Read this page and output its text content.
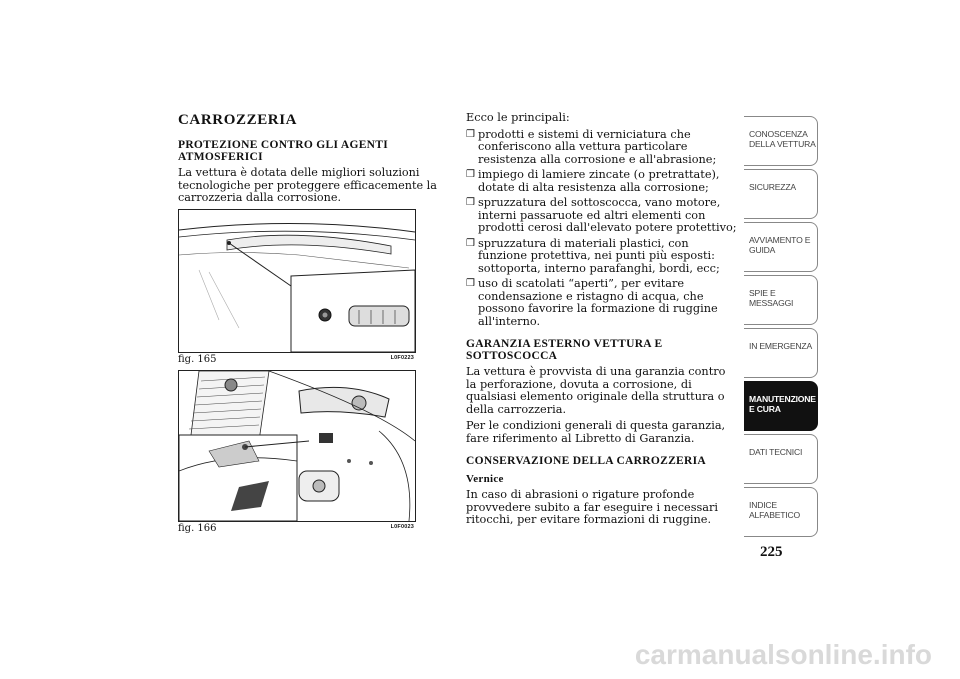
CARROZZERIA
PROTEZIONE CONTRO GLI AGENTI ATMOSFERICI

La vettura è dotata delle migliori soluzioni tecnologiche per proteggere efficacemente la carrozzeria dalla corrosione.

fig. 165	L0F0223
fig. 166	L0F0023

Ecco le principali:

❒ prodotti e sistemi di verniciatura che conferiscono alla vettura particolare resistenza alla corrosione e all'abrasione;
❒ impiego di lamiere zincate (o pretrattate), dotate di alta resistenza alla corrosione;
❒ spruzzatura del sottoscocca, vano motore, interni passaruote ed altri elementi con prodotti cerosi dall'elevato potere protettivo;
❒ spruzzatura di materiali plastici, con funzione protettiva, nei punti più esposti: sottoporta, interno parafanghi, bordi, ecc;
❒ uso di scatolati “aperti”, per evitare condensazione e ristagno di acqua, che possono favorire la formazione di ruggine all'interno.
GARANZIA ESTERNO VETTURA E SOTTOSCOCCA

La vettura è provvista di una garanzia contro la perforazione, dovuta a corrosione, di qualsiasi elemento originale della struttura o della carrozzeria.

Per le condizioni generali di questa garanzia, fare riferimento al Libretto di Garanzia.

CONSERVAZIONE DELLA CARROZZERIA
Vernice

In caso di abrasioni o rigature profonde provvedere subito a far eseguire i necessari ritocchi, per evitare formazioni di ruggine.

CONOSCENZA DELLA VETTURA
SICUREZZA
AVVIAMENTO E GUIDA
SPIE E MESSAGGI
IN EMERGENZA
MANUTENZIONE E CURA
DATI TECNICI
INDICE ALFABETICO
225
carmanualsonline.info
